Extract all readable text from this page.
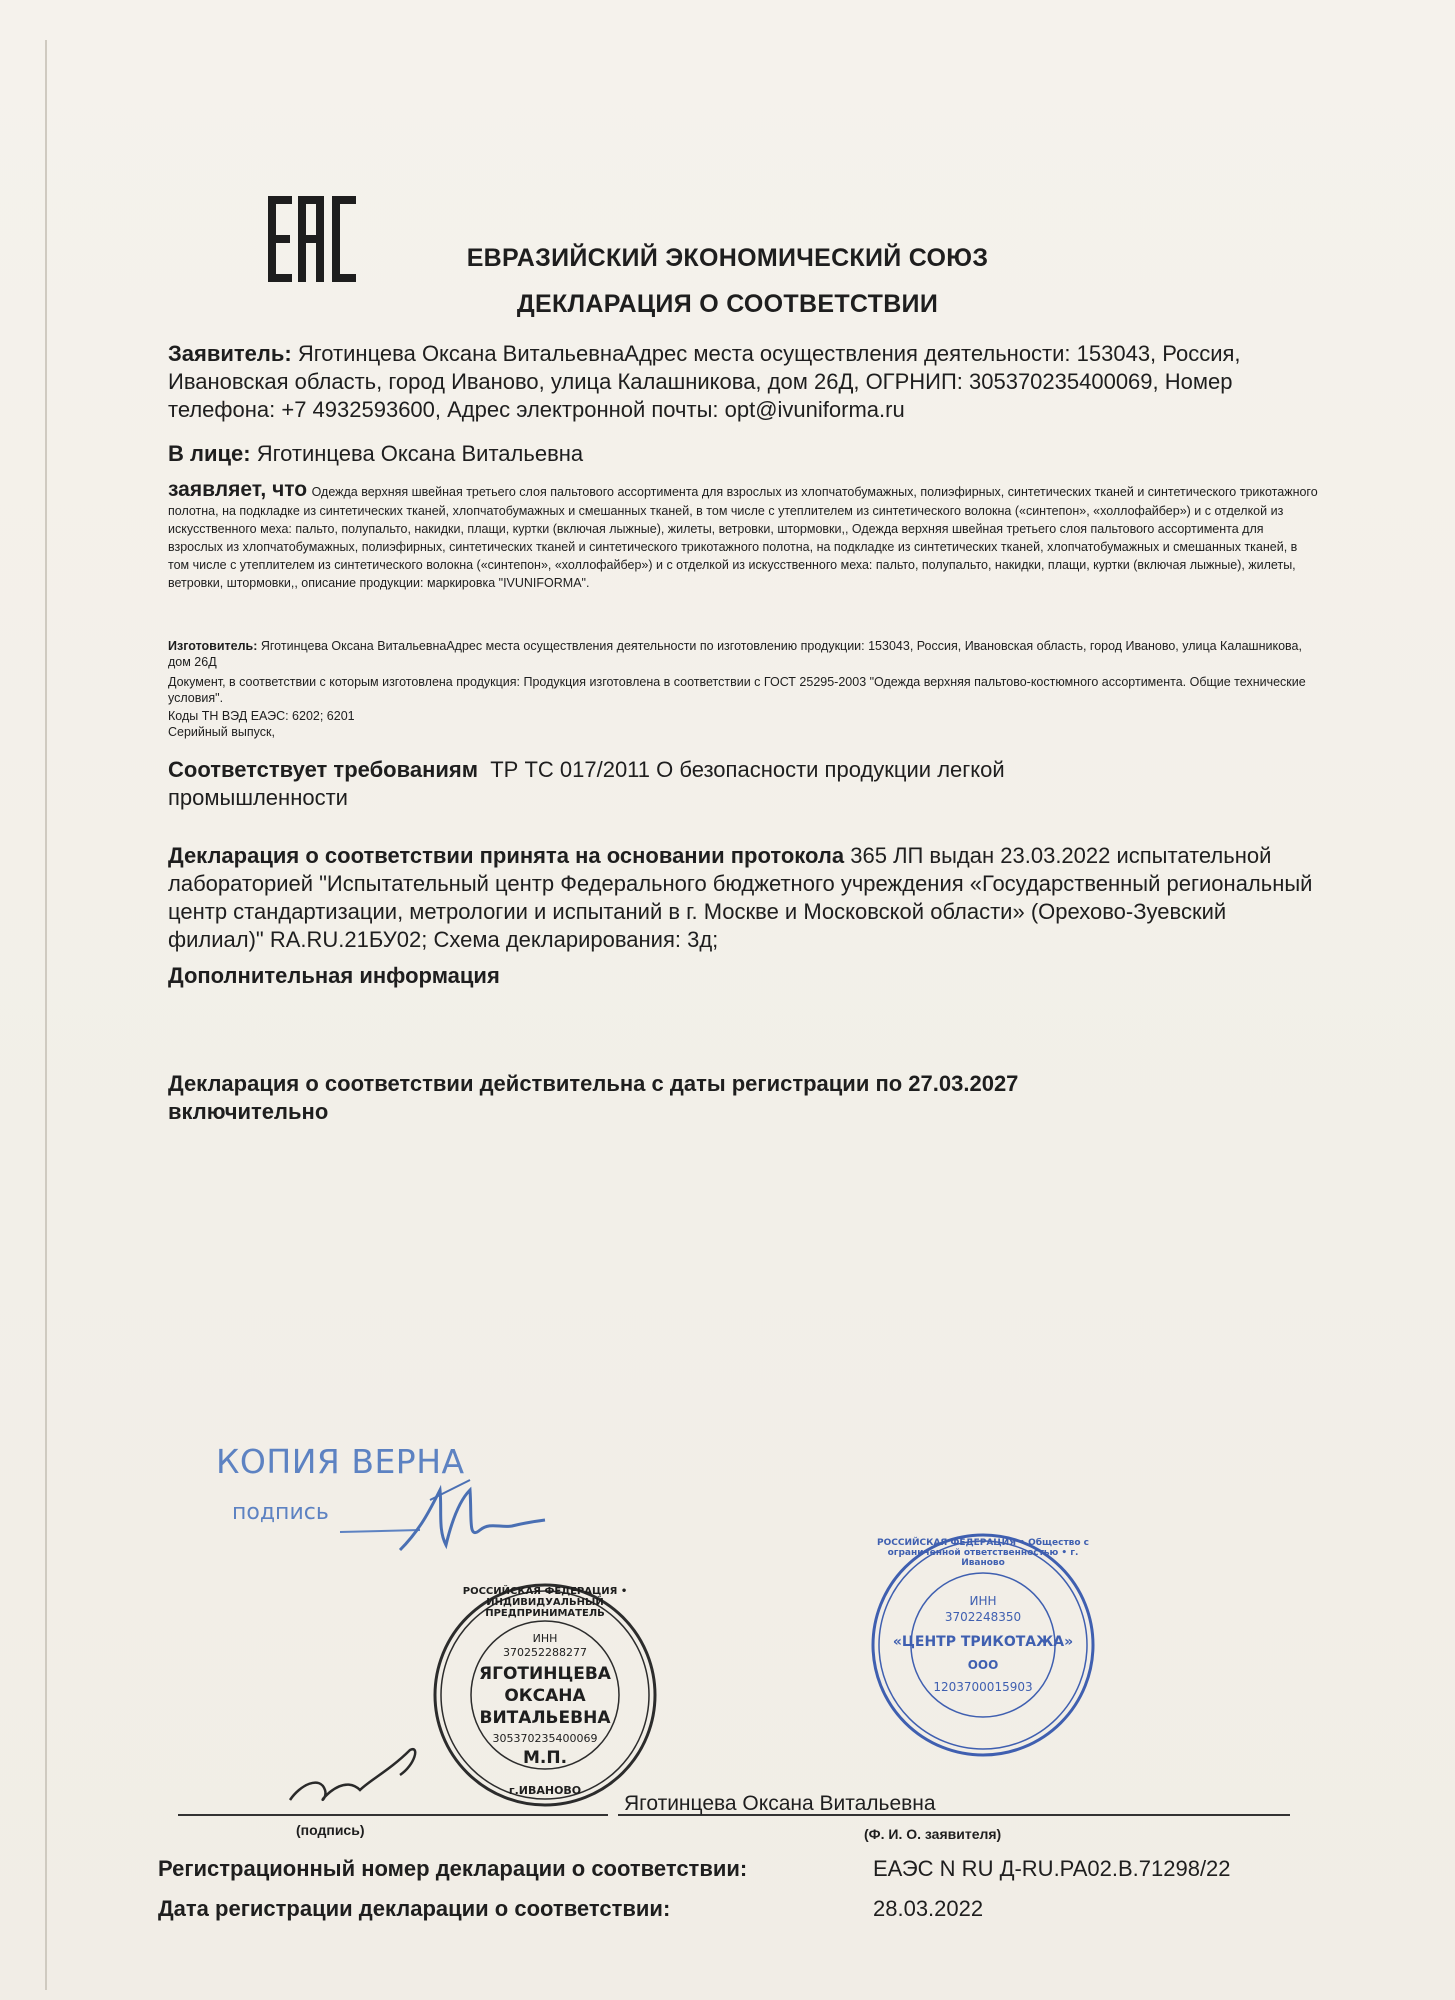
ЕВРАЗИЙСКИЙ ЭКОНОМИЧЕСКИЙ СОЮЗ
ДЕКЛАРАЦИЯ О СООТВЕТСТВИИ
Заявитель: Яготинцева Оксана ВитальевнаАдрес места осуществления деятельности: 153043, Россия, Ивановская область, город Иваново, улица Калашникова, дом 26Д, ОГРНИП: 305370235400069, Номер телефона: +7 4932593600, Адрес электронной почты: opt@ivuniforma.ru
В лице: Яготинцева Оксана Витальевна
заявляет, что Одежда верхняя швейная третьего слоя пальтового ассортимента для взрослых из хлопчатобумажных, полиэфирных, синтетических тканей и синтетического трикотажного полотна, на подкладке из синтетических тканей, хлопчатобумажных и смешанных тканей, в том числе с утеплителем из синтетического волокна («синтепон», «холлофайбер») и с отделкой из искусственного меха: пальто, полупальто, накидки, плащи, куртки (включая лыжные), жилеты, ветровки, штормовки,, Одежда верхняя швейная третьего слоя пальтового ассортимента для взрослых из хлопчатобумажных, полиэфирных, синтетических тканей и синтетического трикотажного полотна, на подкладке из синтетических тканей, хлопчатобумажных и смешанных тканей, в том числе с утеплителем из синтетического волокна («синтепон», «холлофайбер») и с отделкой из искусственного меха: пальто, полупальто, накидки, плащи, куртки (включая лыжные), жилеты, ветровки, штормовки,, описание продукции: маркировка "IVUNIFORMA".
Изготовитель: Яготинцева Оксана ВитальевнаАдрес места осуществления деятельности по изготовлению продукции: 153043, Россия, Ивановская область, город Иваново, улица Калашникова, дом 26Д
Документ, в соответствии с которым изготовлена продукция: Продукция изготовлена в соответствии с ГОСТ 25295-2003 "Одежда верхняя пальтово-костюмного ассортимента. Общие технические условия".
Коды ТН ВЭД ЕАЭС: 6202; 6201
Серийный выпуск,
Соответствует требованиям ТР ТС 017/2011 О безопасности продукции легкой промышленности
Декларация о соответствии принята на основании протокола 365 ЛП выдан 23.03.2022 испытательной лабораторией "Испытательный центр Федерального бюджетного учреждения «Государственный региональный центр стандартизации, метрологии и испытаний в г. Москве и Московской области» (Орехово-Зуевский филиал)" RA.RU.21БУ02; Схема декларирования: 3д;
Дополнительная информация
Декларация о соответствии действительна с даты регистрации по 27.03.2027 включительно
КОПИЯ ВЕРНА
подпись
РОССИЙСКАЯ ФЕДЕРАЦИЯ • ИНДИВИДУАЛЬНЫЙ ПРЕДПРИНИМАТЕЛЬ
ИНН
370252288277
ЯГОТИНЦЕВА
ОКСАНА
ВИТАЛЬЕВНА
305370235400069
М.П.
г.ИВАНОВО
РОССИЙСКАЯ ФЕДЕРАЦИЯ • Общество с ограниченной ответственностью • г. Иваново
ИНН
3702248350
«ЦЕНТР ТРИКОТАЖА»
ООО
1203700015903
(подпись)
Яготинцева Оксана Витальевна
(Ф. И. О. заявителя)
Регистрационный номер декларации о соответствии:	ЕАЭС N RU Д-RU.PA02.B.71298/22
Дата регистрации декларации о соответствии:	28.03.2022
